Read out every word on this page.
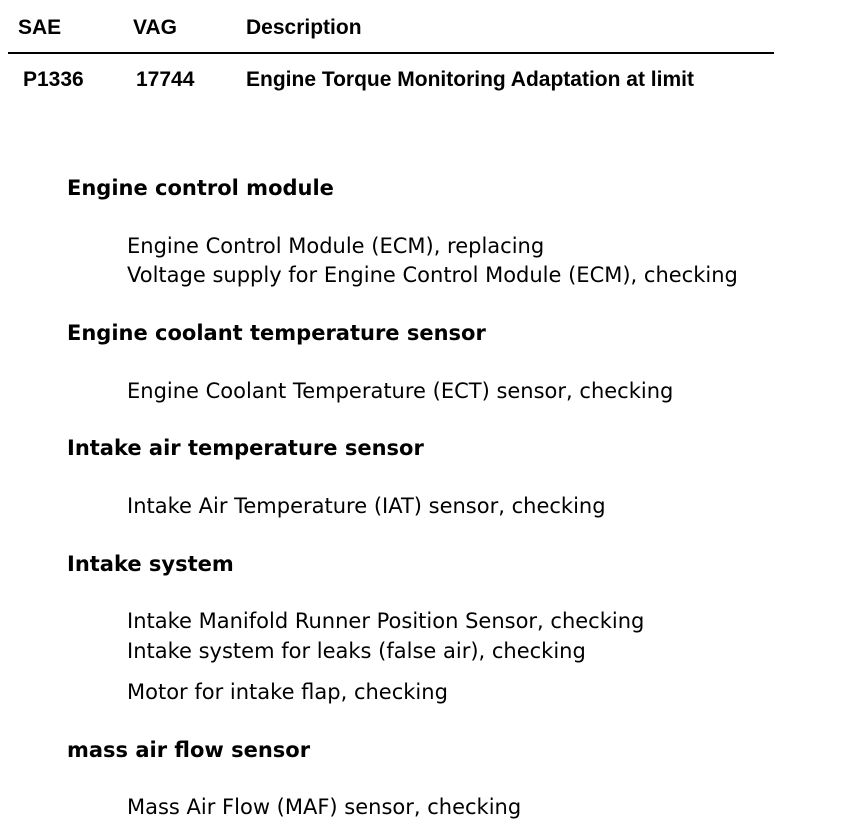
SAE	VAG	Description
P1336 17744 Engine Torque Monitoring Adaptation at limit
Engine control module
Engine Control Module (ECM), replacing
Voltage supply for Engine Control Module (ECM), checking
Engine coolant temperature sensor
Engine Coolant Temperature (ECT) sensor, checking
Intake air temperature sensor
Intake Air Temperature (IAT) sensor, checking
Intake system
Intake Manifold Runner Position Sensor, checking
Intake system for leaks (false air), checking
Motor for intake flap, checking
mass air flow sensor
Mass Air Flow (MAF) sensor, checking
